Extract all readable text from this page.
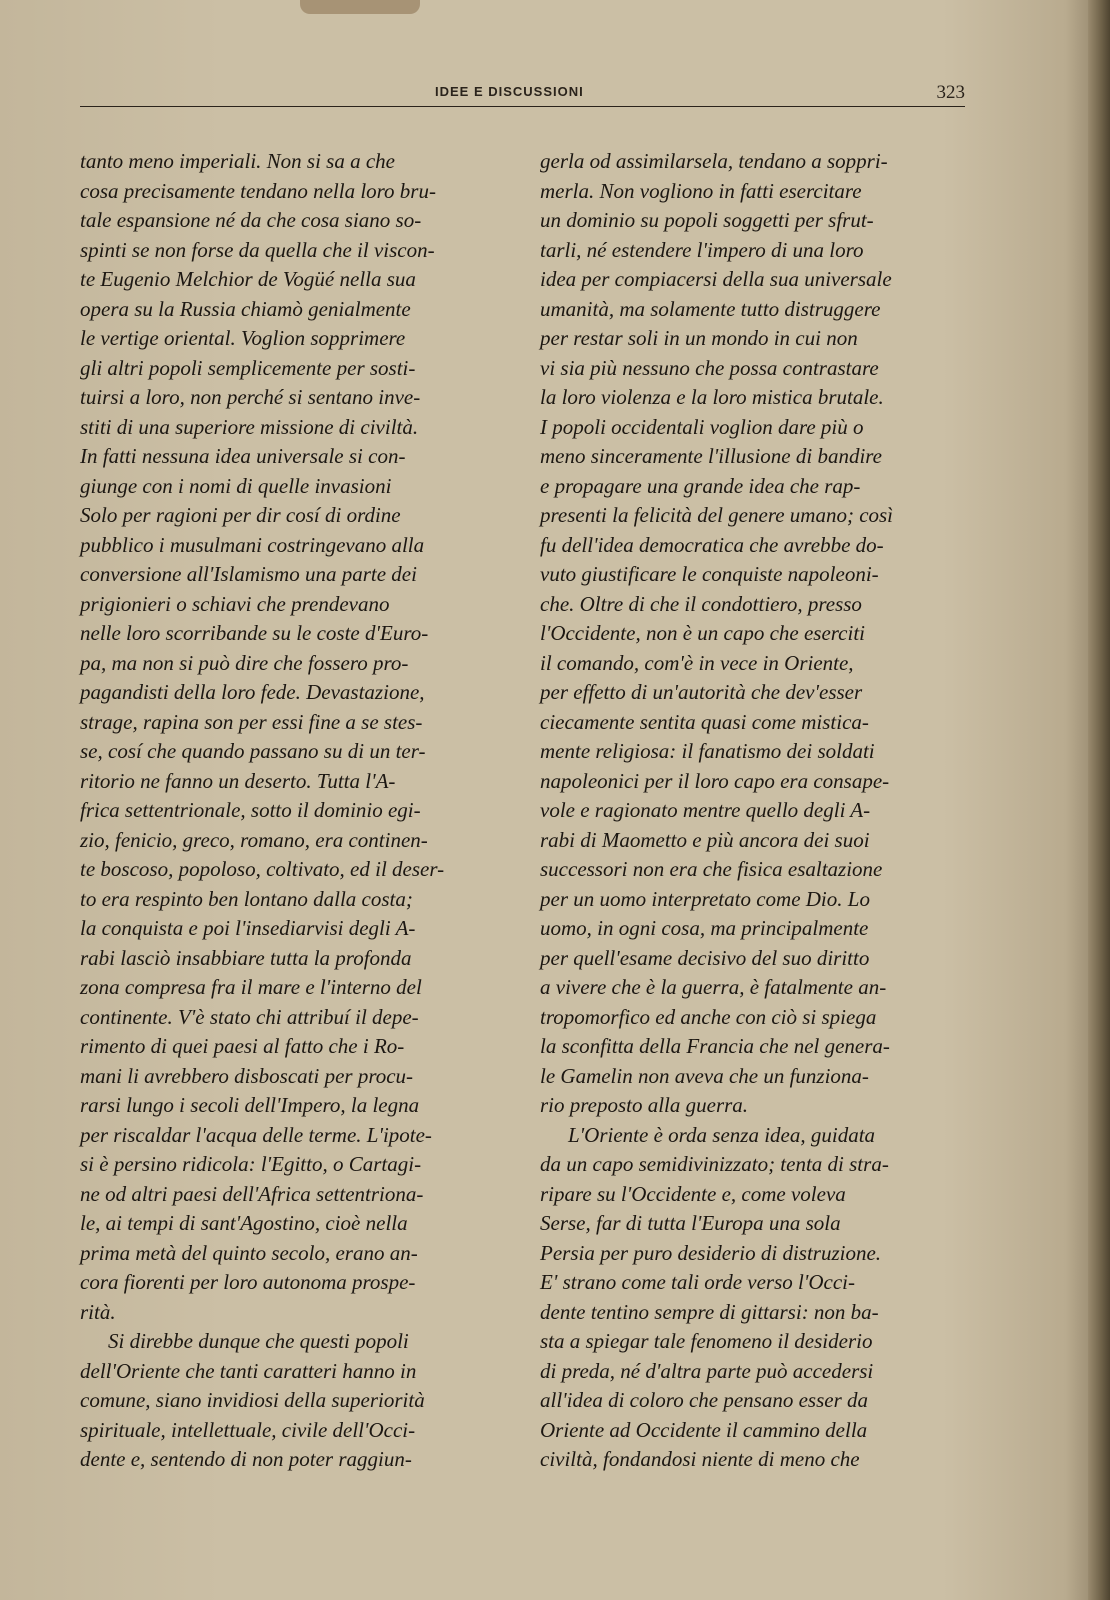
IDEE E DISCUSSIONI	323
tanto meno imperiali. Non si sa a che
cosa precisamente tendano nella loro bru-
tale espansione né da che cosa siano so-
spinti se non forse da quella che il viscon-
te Eugenio Melchior de Vogüé nella sua
opera su la Russia chiamò genialmente
le vertige oriental. Voglion sopprimere
gli altri popoli semplicemente per sosti-
tuirsi a loro, non perché si sentano inve-
stiti di una superiore missione di civiltà.
In fatti nessuna idea universale si con-
giunge con i nomi di quelle invasioni
Solo per ragioni per dir cosí di ordine
pubblico i musulmani costringevano alla
conversione all'Islamismo una parte dei
prigionieri o schiavi che prendevano
nelle loro scorribande su le coste d'Euro-
pa, ma non si può dire che fossero pro-
pagandisti della loro fede. Devastazione,
strage, rapina son per essi fine a se stes-
se, cosí che quando passano su di un ter-
ritorio ne fanno un deserto. Tutta l'A-
frica settentrionale, sotto il dominio egi-
zio, fenicio, greco, romano, era continen-
te boscoso, popoloso, coltivato, ed il deser-
to era respinto ben lontano dalla costa;
la conquista e poi l'insediarvisi degli A-
rabi lasciò insabbiare tutta la profonda
zona compresa fra il mare e l'interno del
continente. V'è stato chi attribuí il depe-
rimento di quei paesi al fatto che i Ro-
mani li avrebbero disboscati per procu-
rarsi lungo i secoli dell'Impero, la legna
per riscaldar l'acqua delle terme. L'ipote-
si è persino ridicola: l'Egitto, o Cartagi-
ne od altri paesi dell'Africa settentriona-
le, ai tempi di sant'Agostino, cioè nella
prima metà del quinto secolo, erano an-
cora fiorenti per loro autonoma prospe-
rità.
Si direbbe dunque che questi popoli
dell'Oriente che tanti caratteri hanno in
comune, siano invidiosi della superiorità
spirituale, intellettuale, civile dell'Occi-
dente e, sentendo di non poter raggiun-
gerla od assimilarsela, tendano a soppri-
merla. Non vogliono in fatti esercitare
un dominio su popoli soggetti per sfrut-
tarli, né estendere l'impero di una loro
idea per compiacersi della sua universale
umanità, ma solamente tutto distruggere
per restar soli in un mondo in cui non
vi sia più nessuno che possa contrastare
la loro violenza e la loro mistica brutale.
I popoli occidentali voglion dare più o
meno sinceramente l'illusione di bandire
e propagare una grande idea che rap-
presenti la felicità del genere umano; così
fu dell'idea democratica che avrebbe do-
vuto giustificare le conquiste napoleoni-
che. Oltre di che il condottiero, presso
l'Occidente, non è un capo che eserciti
il comando, com'è in vece in Oriente,
per effetto di un'autorità che dev'esser
ciecamente sentita quasi come mistica-
mente religiosa: il fanatismo dei soldati
napoleonici per il loro capo era consape-
vole e ragionato mentre quello degli A-
rabi di Maometto e più ancora dei suoi
successori non era che fisica esaltazione
per un uomo interpretato come Dio. Lo
uomo, in ogni cosa, ma principalmente
per quell'esame decisivo del suo diritto
a vivere che è la guerra, è fatalmente an-
tropomorfico ed anche con ciò si spiega
la sconfitta della Francia che nel genera-
le Gamelin non aveva che un funziona-
rio preposto alla guerra.
L'Oriente è orda senza idea, guidata
da un capo semidivinizzato; tenta di stra-
ripare su l'Occidente e, come voleva
Serse, far di tutta l'Europa una sola
Persia per puro desiderio di distruzione.
E' strano come tali orde verso l'Occi-
dente tentino sempre di gittarsi: non ba-
sta a spiegar tale fenomeno il desiderio
di preda, né d'altra parte può accedersi
all'idea di coloro che pensano esser da
Oriente ad Occidente il cammino della
civiltà, fondandosi niente di meno che
